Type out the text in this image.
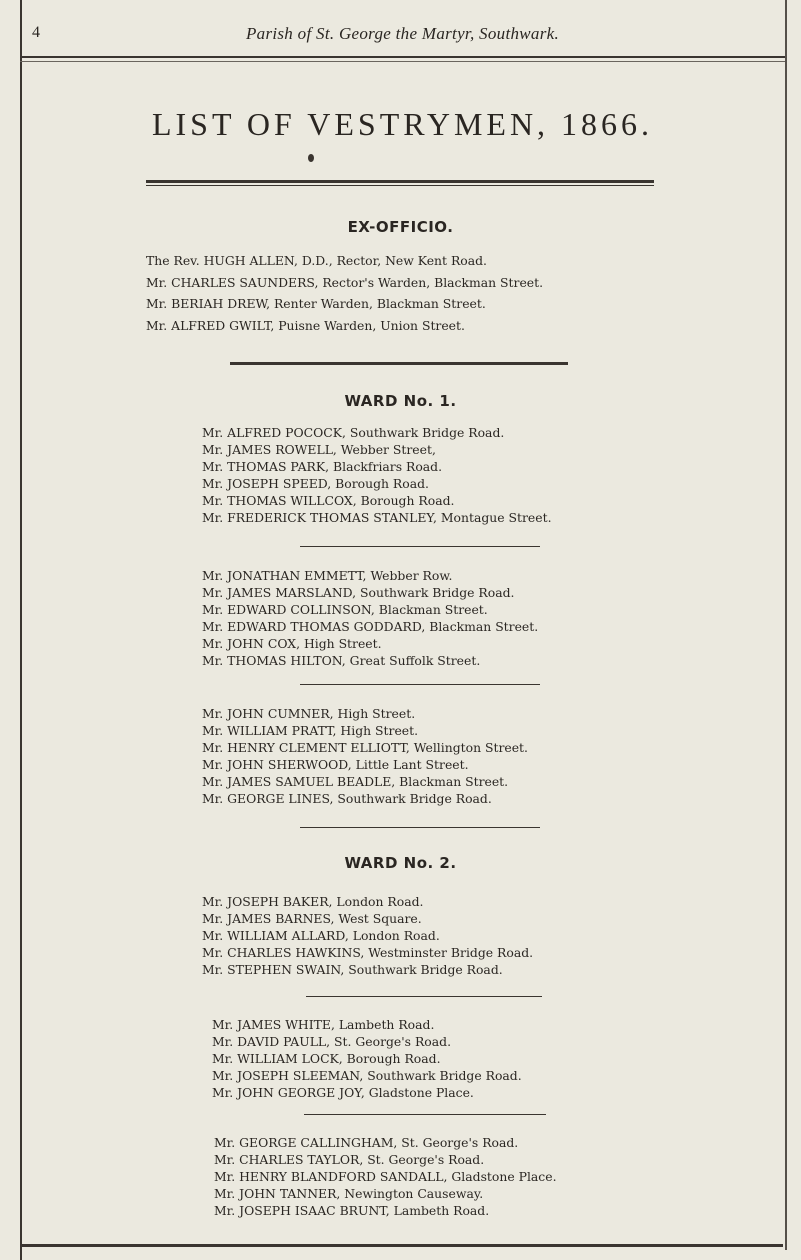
4	Parish of St. George the Martyr, Southwark.
LIST OF VESTRYMEN, 1866.
EX-OFFICIO.
The Rev. HUGH ALLEN, D.D., Rector, New Kent Road.
Mr. CHARLES SAUNDERS, Rector's Warden, Blackman Street.
Mr. BERIAH DREW, Renter Warden, Blackman Street.
Mr. ALFRED GWILT, Puisne Warden, Union Street.
WARD No. 1.
Mr. ALFRED POCOCK, Southwark Bridge Road.
Mr. JAMES ROWELL, Webber Street,
Mr. THOMAS PARK, Blackfriars Road.
Mr. JOSEPH SPEED, Borough Road.
Mr. THOMAS WILLCOX, Borough Road.
Mr. FREDERICK THOMAS STANLEY, Montague Street.
Mr. JONATHAN EMMETT, Webber Row.
Mr. JAMES MARSLAND, Southwark Bridge Road.
Mr. EDWARD COLLINSON, Blackman Street.
Mr. EDWARD THOMAS GODDARD, Blackman Street.
Mr. JOHN COX, High Street.
Mr. THOMAS HILTON, Great Suffolk Street.
Mr. JOHN CUMNER, High Street.
Mr. WILLIAM PRATT, High Street.
Mr. HENRY CLEMENT ELLIOTT, Wellington Street.
Mr. JOHN SHERWOOD, Little Lant Street.
Mr. JAMES SAMUEL BEADLE, Blackman Street.
Mr. GEORGE LINES, Southwark Bridge Road.
WARD No. 2.
Mr. JOSEPH BAKER, London Road.
Mr. JAMES BARNES, West Square.
Mr. WILLIAM ALLARD, London Road.
Mr. CHARLES HAWKINS, Westminster Bridge Road.
Mr. STEPHEN SWAIN, Southwark Bridge Road.
Mr. JAMES WHITE, Lambeth Road.
Mr. DAVID PAULL, St. George's Road.
Mr. WILLIAM LOCK, Borough Road.
Mr. JOSEPH SLEEMAN, Southwark Bridge Road.
Mr. JOHN GEORGE JOY, Gladstone Place.
Mr. GEORGE CALLINGHAM, St. George's Road.
Mr. CHARLES TAYLOR, St. George's Road.
Mr. HENRY BLANDFORD SANDALL, Gladstone Place.
Mr. JOHN TANNER, Newington Causeway.
Mr. JOSEPH ISAAC BRUNT, Lambeth Road.
